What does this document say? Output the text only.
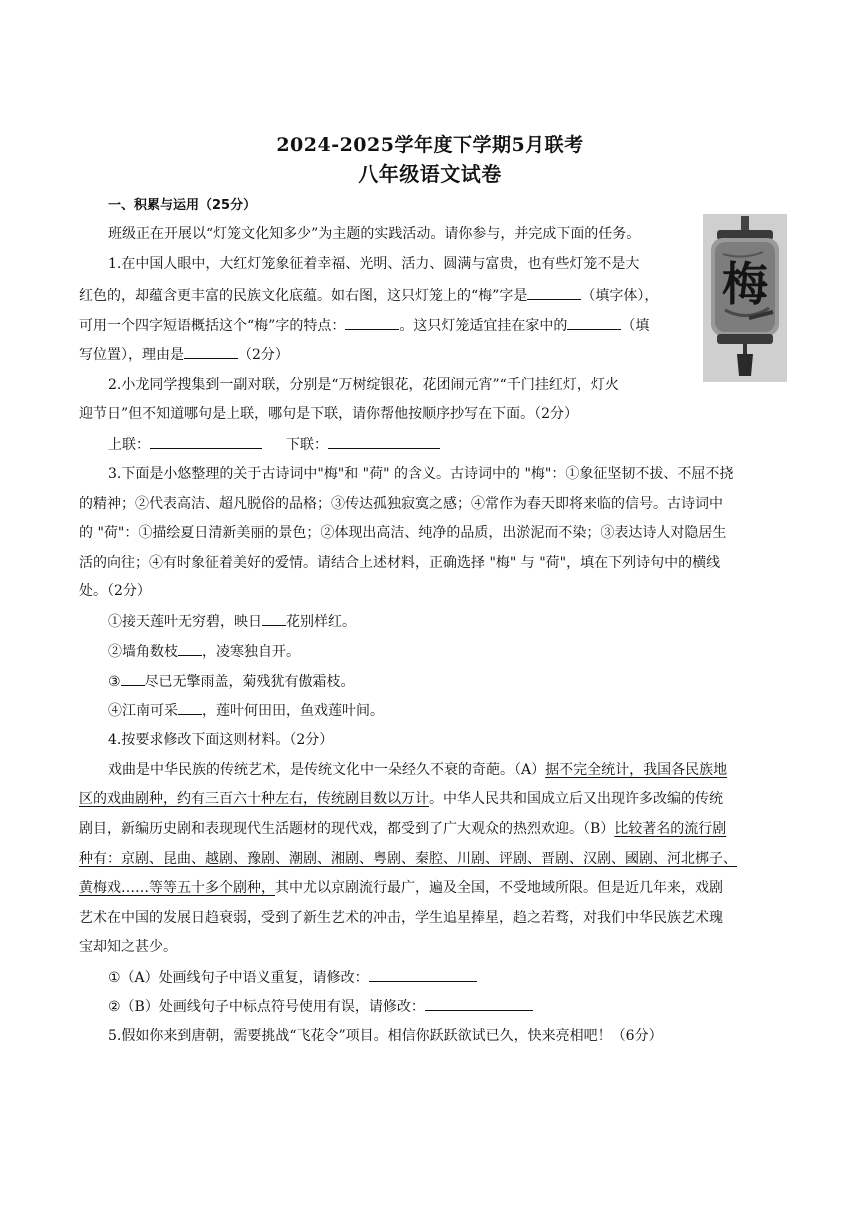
2024-2025学年度下学期5月联考
八年级语文试卷
一、积累与运用（25分）
班级正在开展以“灯笼文化知多少”为主题的实践活动。请你参与，并完成下面的任务。
梅
1.在中国人眼中，大红灯笼象征着幸福、光明、活力、圆满与富贵，也有些灯笼不是大
红色的，却蕴含更丰富的民族文化底蕴。如右图，这只灯笼上的“梅”字是	（填字体），
可用一个四字短语概括这个“梅”字的特点：	。这只灯笼适宜挂在家中的	（填
写位置），理由是	（2分）
2.小龙同学搜集到一副对联，分别是“万树绽银花，花团闹元宵”“千门挂红灯，灯火
迎节日”但不知道哪句是上联，哪句是下联，请你帮他按顺序抄写在下面。（2分）
上联：	下联：
3.下面是小悠整理的关于古诗词中"梅"和 "荷" 的含义。古诗词中的 "梅"：①象征坚韧不拔、不屈不挠
的精神；②代表高洁、超凡脱俗的品格；③传达孤独寂寞之感；④常作为春天即将来临的信号。古诗词中
的 "荷"：①描绘夏日清新美丽的景色；②体现出高洁、纯净的品质，出淤泥而不染；③表达诗人对隐居生
活的向往；④有时象征着美好的爱情。请结合上述材料，正确选择 "梅" 与 "荷"，填在下列诗句中的横线
处。（2分）
①接天莲叶无穷碧，映日 花别样红。
②墙角数枝 ，凌寒独自开。
③ 尽已无擎雨盖，菊残犹有傲霜枝。
④江南可采 ，莲叶何田田，鱼戏莲叶间。
4.按要求修改下面这则材料。（2分）
戏曲是中华民族的传统艺术，是传统文化中一朵经久不衰的奇葩。（A）据不完全统计，我国各民族地
区的戏曲剧种，约有三百六十种左右，传统剧目数以万计。中华人民共和国成立后又出现许多改编的传统
剧目，新编历史剧和表现现代生活题材的现代戏，都受到了广大观众的热烈欢迎。（B）比较著名的流行剧
种有：京剧、昆曲、越剧、豫剧、潮剧、湘剧、粤剧、秦腔、川剧、评剧、晋剧、汉剧、國剧、河北梆子、
黄梅戏……等等五十多个剧种，其中尤以京剧流行最广，遍及全国，不受地域所限。但是近几年来，戏剧
艺术在中国的发展日趋衰弱，受到了新生艺术的冲击，学生追星捧星，趋之若骛，对我们中华民族艺术瑰
宝却知之甚少。
①（A）处画线句子中语义重复，请修改：
②（B）处画线句子中标点符号使用有误，请修改：
5.假如你来到唐朝，需要挑战“飞花令”项目。相信你跃跃欲试已久，快来亮相吧！（6分）
